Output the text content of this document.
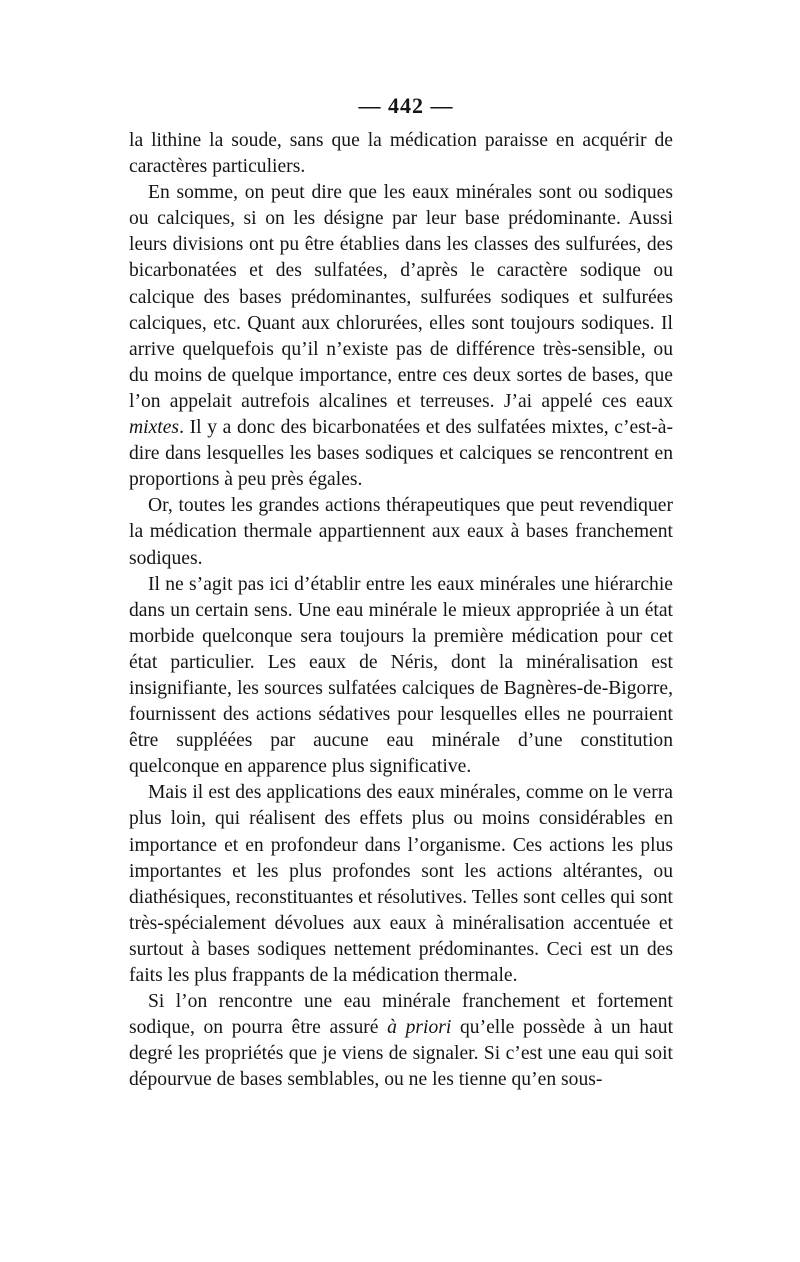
— 442 —

la lithine la soude, sans que la médication paraisse en acquérir de caractères particuliers.

En somme, on peut dire que les eaux minérales sont ou sodiques ou calciques, si on les désigne par leur base prédominante. Aussi leurs divisions ont pu être établies dans les classes des sulfurées, des bicarbonatées et des sulfatées, d’après le caractère sodique ou calcique des bases prédominantes, sulfurées sodiques et sulfurées calciques, etc. Quant aux chlorurées, elles sont toujours sodiques. Il arrive quelquefois qu’il n’existe pas de différence très-sensible, ou du moins de quelque importance, entre ces deux sortes de bases, que l’on appelait autrefois alcalines et terreuses. J’ai appelé ces eaux mixtes. Il y a donc des bicarbonatées et des sulfatées mixtes, c’est-à-dire dans lesquelles les bases sodiques et calciques se rencontrent en proportions à peu près égales.

Or, toutes les grandes actions thérapeutiques que peut revendiquer la médication thermale appartiennent aux eaux à bases franchement sodiques.

Il ne s’agit pas ici d’établir entre les eaux minérales une hiérarchie dans un certain sens. Une eau minérale le mieux appropriée à un état morbide quelconque sera toujours la première médication pour cet état particulier. Les eaux de Néris, dont la minéralisation est insignifiante, les sources sulfatées calciques de Bagnères-de-Bigorre, fournissent des actions sédatives pour lesquelles elles ne pourraient être suppléées par aucune eau minérale d’une constitution quelconque en apparence plus significative.

Mais il est des applications des eaux minérales, comme on le verra plus loin, qui réalisent des effets plus ou moins considérables en importance et en profondeur dans l’organisme. Ces actions les plus importantes et les plus profondes sont les actions altérantes, ou diathésiques, reconstituantes et résolutives. Telles sont celles qui sont très-spécialement dévolues aux eaux à minéralisation accentuée et surtout à bases sodiques nettement prédominantes. Ceci est un des faits les plus frappants de la médication thermale.

Si l’on rencontre une eau minérale franchement et fortement sodique, on pourra être assuré à priori qu’elle possède à un haut degré les propriétés que je viens de signaler. Si c’est une eau qui soit dépourvue de bases semblables, ou ne les tienne qu’en sous-
